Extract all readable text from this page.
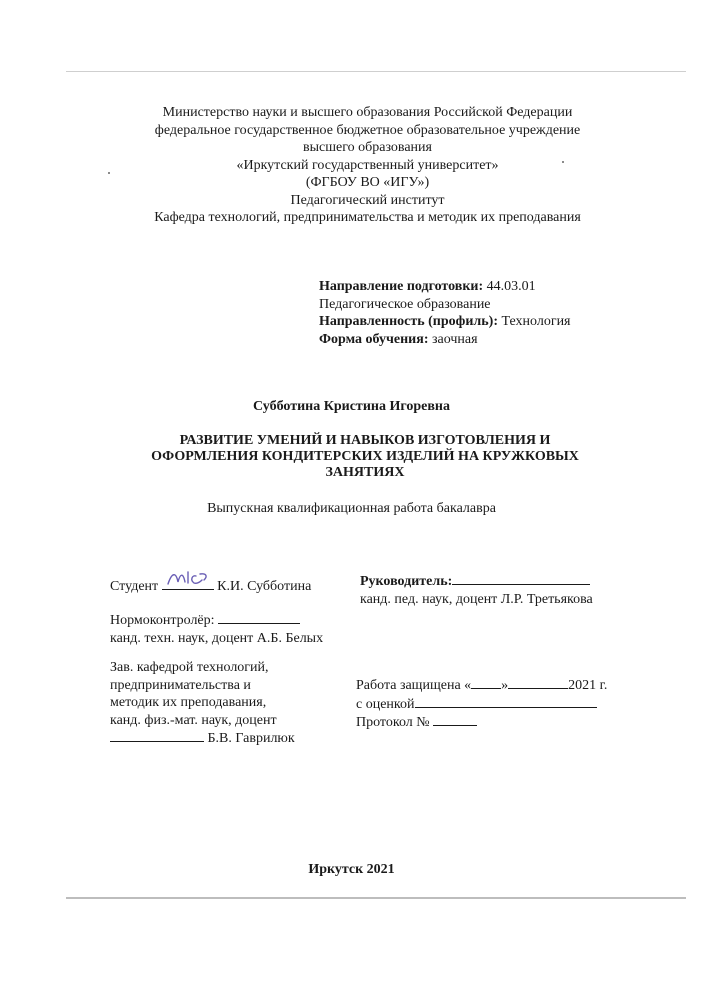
Министерство науки и высшего образования Российской Федерации
федеральное государственное бюджетное образовательное учреждение
высшего образования
«Иркутский государственный университет»
(ФГБОУ ВО «ИГУ»)
Педагогический институт
Кафедра технологий, предпринимательства и методик их преподавания
Направление подготовки: 44.03.01
Педагогическое образование
Направленность (профиль): Технология
Форма обучения: заочная
Субботина Кристина Игоревна
РАЗВИТИЕ УМЕНИЙ И НАВЫКОВ ИЗГОТОВЛЕНИЯ И
ОФОРМЛЕНИЯ КОНДИТЕРСКИХ ИЗДЕЛИЙ НА КРУЖКОВЫХ
ЗАНЯТИЯХ
Выпускная квалификационная работа бакалавра
Студент	К.И. Субботина	Руководитель:
канд. пед. наук, доцент Л.Р. Третьякова
Нормоконтролёр:
канд. техн. наук, доцент А.Б. Белых
Зав. кафедрой технологий,
предпринимательства и
методик их преподавания,
канд. физ.-мат. наук, доцент
Б.В. Гаврилюк
Работа защищена « »	2021 г.
с оценкой
Протокол №
Иркутск 2021
